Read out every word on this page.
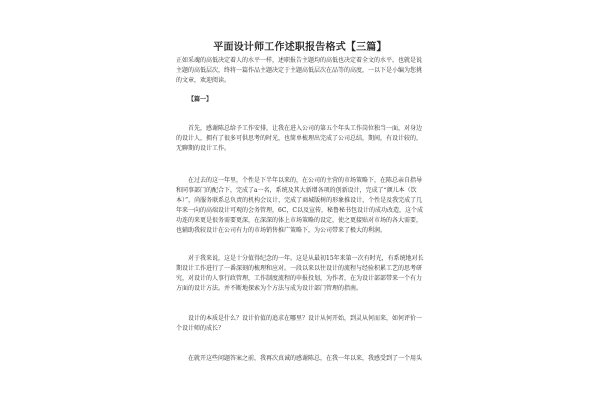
平面设计师工作述职报告格式【三篇】

正如采魂的高低决定着人的水平一样，述职报告主题均的高低也决定着全文的水平。也就是说主题的高低层次，终将一篇作品主题决定于主题高低层次在品等的高度，一以下是小编为您挑的文章，欢迎阅读。

【篇一】

首先，感谢陈总给予工作安排，让我在进入公司的第五个年头工作岗位独当一面，对身边的设计人，拥有了很多可供思考的时光，也简单梳理出完成了公司总结，期间，有设计较的，无聊期的设计工作。

在过去的这一年里，个性是下半年以来的，在公司的主营的市场策略下，在陈总亲自指导和同事部门的配合下，完成了a一名，系统及其大新增各项的创新设计，完成了“颜儿本（饮本）”，尚服务联系总负责的机构会议计，完成了商城版树的形象推设计，个性是及我完成了几年来一向的高端设计可观的会务管理，6C，C以及宣传，秘鲁秘书包设计的成功改造，这个成功连的来更是很务需要更深，在深深的体上市场策略的设定，使之更接贴对市场的各大需要，也辅助我较设计在公司有力的市场销售推广策略下，为公司带来了极大的利润。

对于我来说，这是十分值得纪念的一年。这是从最初15年来第一次有时光，有系统地对长期设计工作进行了一番深刻的梳理和应对。一段以来以往设计的流程与经验积累工艺的思考研究，对设计的人事行政管理，工作制度流程的申报投划，为作者，在为设计部部带来一个有力方面的设计方法。并不断地探索为个方法与成为设计部门管理的指南。

设计的本质是什么？设计价值的追求在哪里？设计从何开始，到灵从何而来，如何评价一个设计师的成长？

在就开这些问题答案之前，我再次真诚的感谢陈总，在我一年以来，我感受到了一个用头
